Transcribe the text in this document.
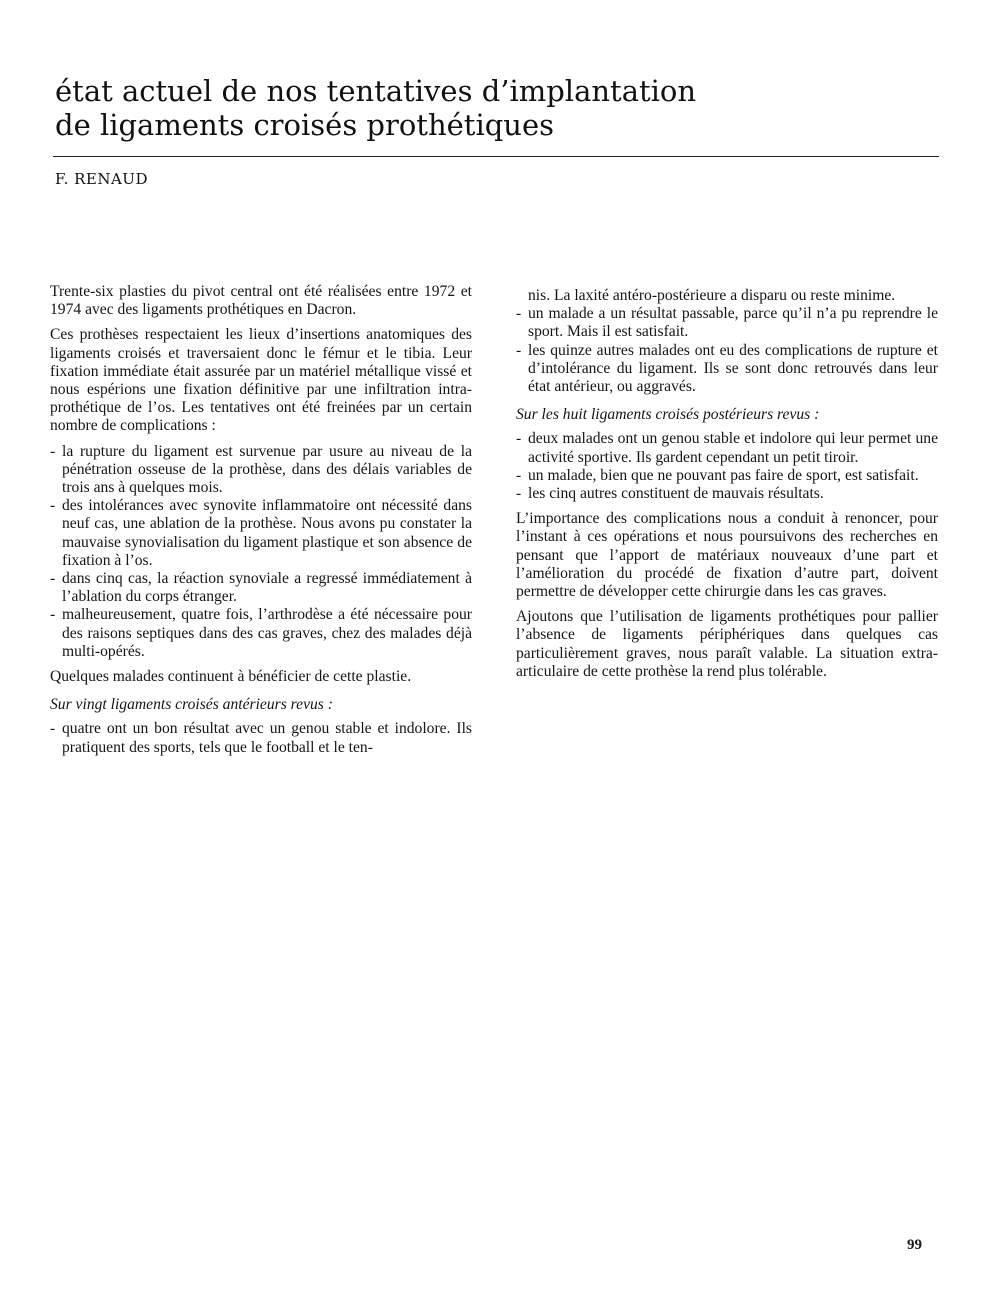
état actuel de nos tentatives d’implantation
de ligaments croisés prothétiques
F. RENAUD

Trente-six plasties du pivot central ont été réalisées entre 1972 et 1974 avec des ligaments prothétiques en Dacron.

Ces prothèses respectaient les lieux d’insertions anatomiques des ligaments croisés et traversaient donc le fémur et le tibia. Leur fixation immédiate était assurée par un matériel métallique vissé et nous espérions une fixation définitive par une infiltration intra-prothétique de l’os. Les tentatives ont été freinées par un certain nombre de complications :

- la rupture du ligament est survenue par usure au niveau de la pénétration osseuse de la prothèse, dans des délais variables de trois ans à quelques mois.
- des intolérances avec synovite inflammatoire ont nécessité dans neuf cas, une ablation de la prothèse. Nous avons pu constater la mauvaise synovialisation du ligament plastique et son absence de fixation à l’os.
- dans cinq cas, la réaction synoviale a regressé immédiatement à l’ablation du corps étranger.
- malheureusement, quatre fois, l’arthrodèse a été nécessaire pour des raisons septiques dans des cas graves, chez des malades déjà multi-opérés.

Quelques malades continuent à bénéficier de cette plastie.

Sur vingt ligaments croisés antérieurs revus :

- quatre ont un bon résultat avec un genou stable et indolore. Ils pratiquent des sports, tels que le football et le ten-
nis. La laxité antéro-postérieure a disparu ou reste minime.
- un malade a un résultat passable, parce qu’il n’a pu reprendre le sport. Mais il est satisfait.
- les quinze autres malades ont eu des complications de rupture et d’intolérance du ligament. Ils se sont donc retrouvés dans leur état antérieur, ou aggravés.

Sur les huit ligaments croisés postérieurs revus :

- deux malades ont un genou stable et indolore qui leur permet une activité sportive. Ils gardent cependant un petit tiroir.
- un malade, bien que ne pouvant pas faire de sport, est satisfait.
- les cinq autres constituent de mauvais résultats.

L’importance des complications nous a conduit à renoncer, pour l’instant à ces opérations et nous poursuivons des recherches en pensant que l’apport de matériaux nouveaux d’une part et l’amélioration du procédé de fixation d’autre part, doivent permettre de développer cette chirurgie dans les cas graves.

Ajoutons que l’utilisation de ligaments prothétiques pour pallier l’absence de ligaments périphériques dans quelques cas particulièrement graves, nous paraît valable. La situation extra-articulaire de cette prothèse la rend plus tolérable.

99
